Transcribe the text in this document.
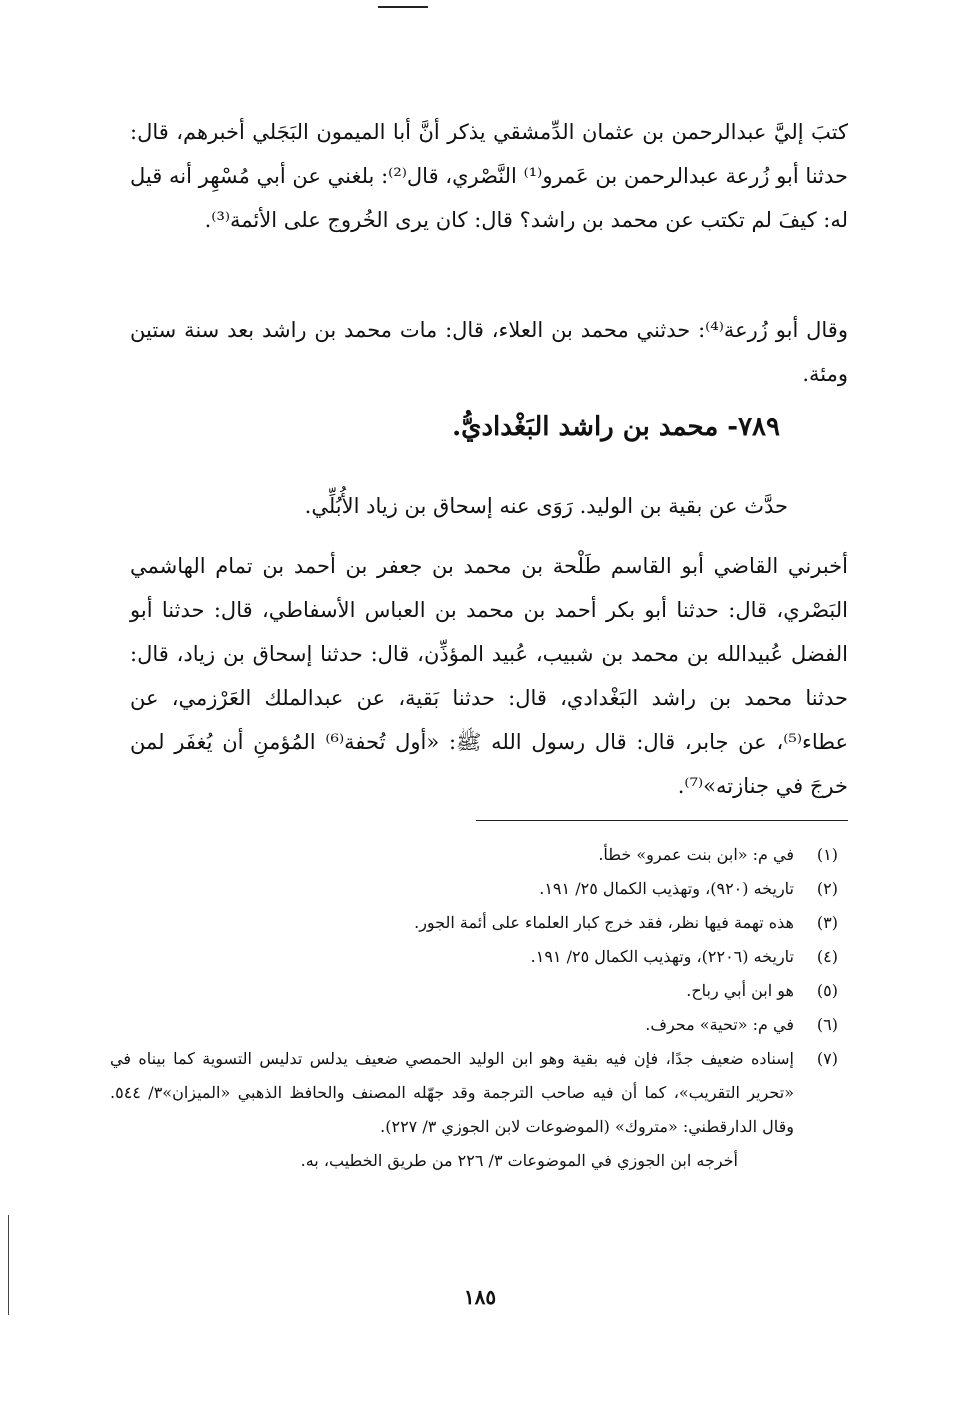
كتبَ إليَّ عبدالرحمن بن عثمان الدِّمشقي يذكر أنَّ أبا الميمون البَجَلي أخبرهم، قال: حدثنا أبو زُرعة عبدالرحمن بن عَمرو⁽¹⁾ النَّصْري، قال⁽²⁾: بلغني عن أبي مُسْهِر أنه قيل له: كيفَ لم تكتب عن محمد بن راشد؟ قال: كان يرى الخُروج على الأئمة⁽³⁾.

وقال أبو زُرعة⁽⁴⁾: حدثني محمد بن العلاء، قال: مات محمد بن راشد بعد سنة ستين ومئة.

٧٨٩- محمد بن راشد البَغْداديُّ.

حدَّث عن بقية بن الوليد. رَوَى عنه إسحاق بن زياد الأُبُلِّي.

أخبرني القاضي أبو القاسم طَلْحة بن محمد بن جعفر بن أحمد بن تمام الهاشمي البَصْري، قال: حدثنا أبو بكر أحمد بن محمد بن العباس الأسفاطي، قال: حدثنا أبو الفضل عُبيدالله بن محمد بن شبيب، عُبيد المؤذِّن، قال: حدثنا إسحاق بن زياد، قال: حدثنا محمد بن راشد البَغْدادي، قال: حدثنا بَقية، عن عبدالملك العَرْزمي، عن عطاء⁽⁵⁾، عن جابر، قال: قال رسول الله ﷺ: «أول تُحفة⁽⁶⁾ المُؤمنِ أن يُغفَر لمن خرجَ في جنازته»⁽⁷⁾.

(١)
في م: «ابن بنت عمرو» خطأ.
(٢)
تاريخه (٩٢٠)، وتهذيب الكمال ٢٥/ ١٩١.
(٣)
هذه تهمة فيها نظر، فقد خرج كبار العلماء على أئمة الجور.
(٤)
تاريخه (٢٢٠٦)، وتهذيب الكمال ٢٥/ ١٩١.
(٥)
هو ابن أبي رباح.
(٦)
في م: «تحية» محرف.
(٧)
إسناده ضعيف جدًا، فإن فيه بقية وهو ابن الوليد الحمصي ضعيف يدلس تدليس التسوية كما بيناه في «تحرير التقريب»، كما أن فيه صاحب الترجمة وقد جهّله المصنف والحافظ الذهبي «الميزان»٣/ ٥٤٤. وقال الدارقطني: «متروك» (الموضوعات لابن الجوزي ٣/ ٢٢٧).
أخرجه ابن الجوزي في الموضوعات ٣/ ٢٢٦ من طريق الخطيب، به.
١٨٥
